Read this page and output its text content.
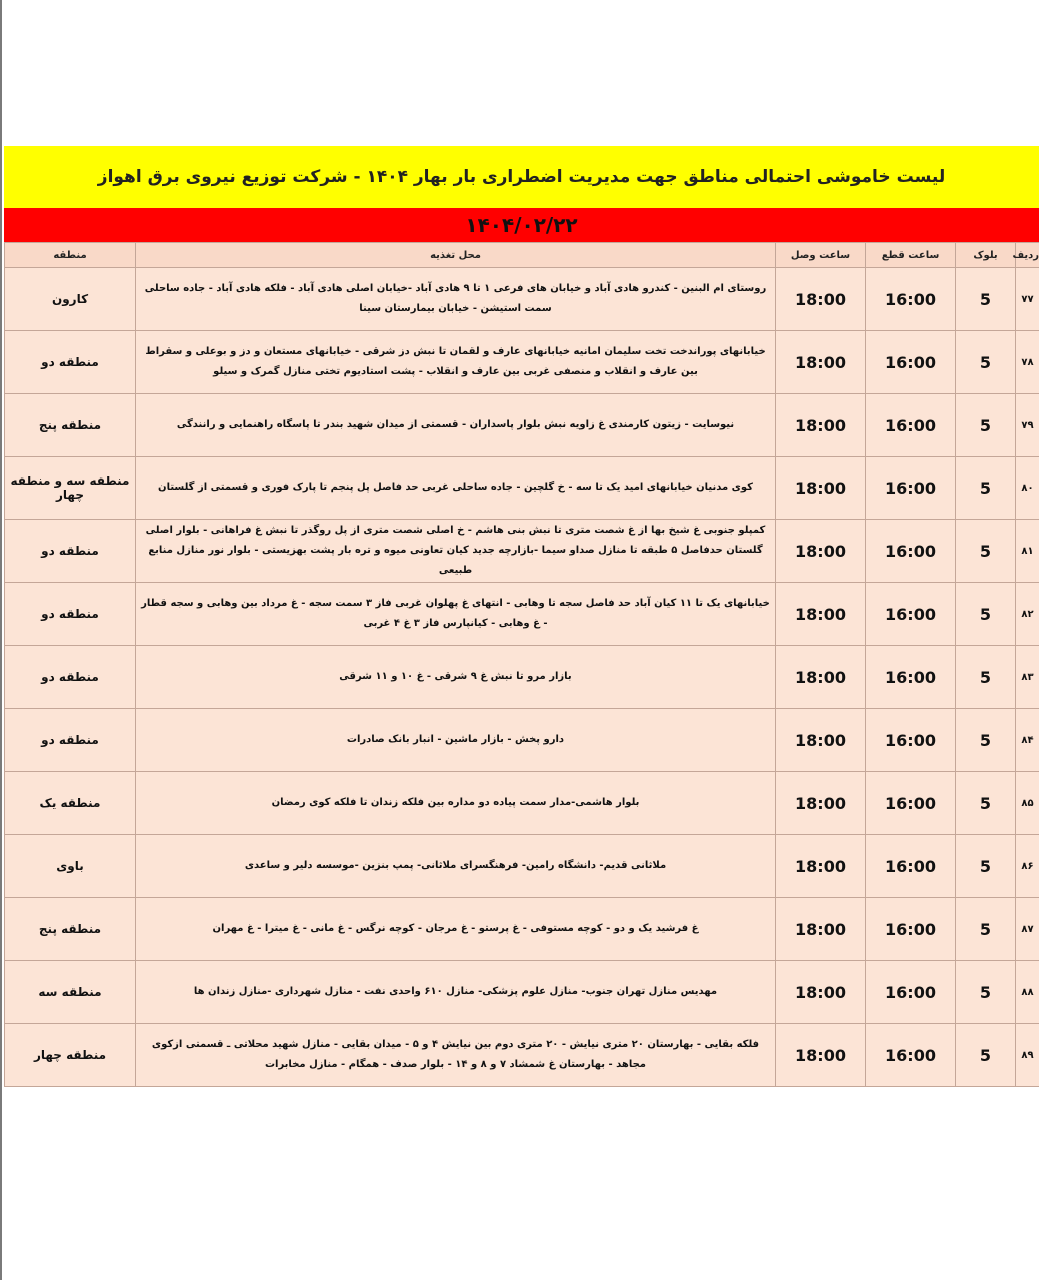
لیست خاموشی احتمالی مناطق جهت مدیریت اضطراری بار بهار ۱۴۰۴ - شرکت توزیع نیروی برق اهواز
۱۴۰۴/۰۲/۲۲
ردیف	بلوک	ساعت قطع	ساعت وصل	محل تغذیه	منطقه
۷۷	5	16:00	18:00	روستای ام البنین - کندرو هادی آباد و خیابان های فرعی ۱ تا ۹ هادی آباد -خیابان اصلی هادی آباد - فلکه هادی آباد - جاده ساحلی سمت استیشن - خیابان بیمارستان سینا	کارون
۷۸	5	16:00	18:00	خیابانهای پوراندخت تخت سلیمان امانیه خیابانهای عارف و لقمان تا نبش دز شرقی - خیابانهای مستعان و دز و بوعلی و سقراط بین عارف و انقلاب و منصفی غربی بین عارف و انقلاب - پشت استادیوم تختی منازل گمرک و سیلو	منطقه دو
۷۹	5	16:00	18:00	نیوسایت - زیتون کارمندی غ زاویه نبش بلوار پاسداران - قسمتی از میدان شهید بندر تا پاسگاه راهنمایی و رانندگی	منطقه پنج
۸۰	5	16:00	18:00	کوی مدنیان خیابانهای امید یک تا سه - خ گلچین - جاده ساحلی غربی حد فاصل پل پنجم تا پارک فوری و قسمتی از گلستان	منطقه سه و منطقه چهار
۸۱	5	16:00	18:00	کمپلو جنوبی غ شیخ بها از غ شصت متری تا نبش بنی هاشم - خ اصلی شصت متری از پل روگذر تا نبش غ فراهانی - بلوار اصلی گلستان حدفاصل ۵ طبقه تا منازل صداو سیما -بازارچه جدید کیان تعاونی میوه و تره بار پشت بهزیستی - بلوار نور منازل منابع طبیعی	منطقه دو
۸۲	5	16:00	18:00	خیابانهای یک تا ۱۱ کیان آباد حد فاصل سجه تا وهابی - انتهای غ پهلوان غربی فاز ۳ سمت سجه - غ مرداد بین وهابی و سجه قطار - غ وهابی - کیانپارس فاز ۳ غ ۴ غربی	منطقه دو
۸۳	5	16:00	18:00	بازار مرو تا نبش غ ۹ شرقی - غ ۱۰ و ۱۱ شرقی	منطقه دو
۸۴	5	16:00	18:00	دارو پخش - بازار ماشین - انبار بانک صادرات	منطقه دو
۸۵	5	16:00	18:00	بلوار هاشمی-مدار سمت پیاده دو مداره بین فلکه زندان تا فلکه کوی رمضان	منطقه یک
۸۶	5	16:00	18:00	ملاثانی قدیم- دانشگاه رامین- فرهنگسرای ملاثانی- پمپ بنزین -موسسه دلیر و ساعدی	باوی
۸۷	5	16:00	18:00	غ فرشید یک و دو - کوچه مستوفی - غ پرستو - غ مرجان - کوچه نرگس - غ مانی - غ میترا - غ مهران	منطقه پنج
۸۸	5	16:00	18:00	مهدیس منازل تهران جنوب- منازل علوم پزشکی- منازل ۶۱۰ واحدی نفت - منازل شهرداری -منازل زندان ها	منطقه سه
۸۹	5	16:00	18:00	فلکه بقایی - بهارستان ۲۰ متری نیایش - ۲۰ متری دوم بین نیایش ۴ و ۵ - میدان بقایی - منازل شهید محلاتی ـ قسمتی ازکوی مجاهد - بهارستان غ شمشاد ۷ و ۸ و ۱۴ - بلوار صدف - همگام - منازل مخابرات	منطقه چهار
